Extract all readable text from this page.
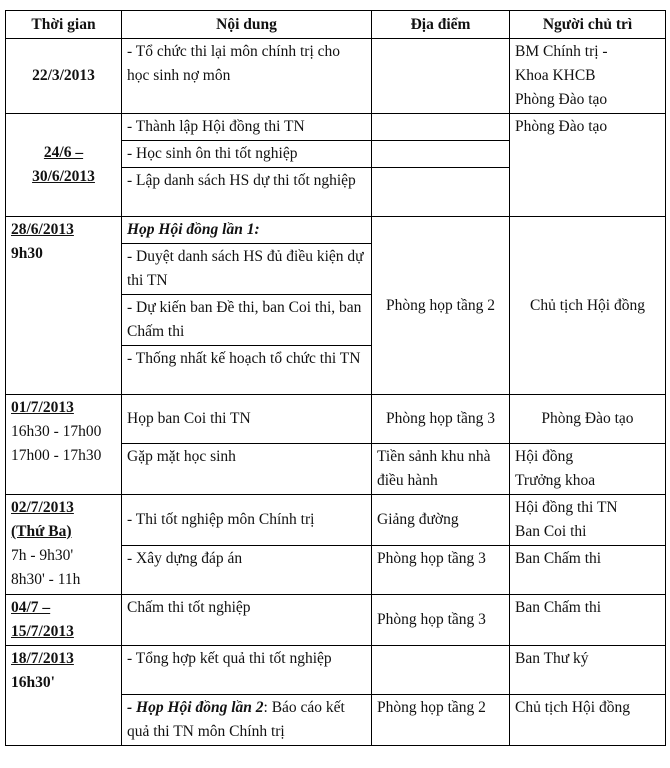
Thời gian	Nội dung	Địa điểm	Người chủ trì
22/3/2013	- Tổ chức thi lại môn chính trị cho học sinh nợ môn		BM Chính trị -
Khoa KHCB
Phòng Đào tạo

24/6 –
30/6/2013	- Thành lập Hội đồng thi TN		Phòng Đào tạo
	- Học sinh ôn thi tốt nghiệp		
	- Lập danh sách HS dự thi tốt nghiệp		

28/6/2013
9h30	Họp Hội đồng lần 1:	Phòng họp tầng 2	Chủ tịch Hội đồng
	- Duyệt danh sách HS đủ điều kiện dự thi TN		
	- Dự kiến ban Đề thi, ban Coi thi, ban Chấm thi		
	- Thống nhất kế hoạch tổ chức thi TN		

01/7/2013
16h30 - 17h00
17h00 - 17h30	Họp ban Coi thi TN	Phòng họp tầng 3	Phòng Đào tạo
	Gặp mặt học sinh	Tiền sảnh khu nhà điều hành	Hội đồng
Trưởng khoa

02/7/2013
(Thứ Ba)
7h - 9h30'
8h30' - 11h	- Thi tốt nghiệp môn Chính trị	Giảng đường	Hội đồng thi TN
Ban Coi thi

	- Xây dựng đáp án	Phòng họp tầng 3	Ban Chấm thi

04/7 –
15/7/2013	Chấm thi tốt nghiệp	Phòng họp tầng 3	Ban Chấm thi

18/7/2013
16h30'	- Tổng hợp kết quả thi tốt nghiệp		Ban Thư ký
	- Họp Hội đồng lần 2: Báo cáo kết quả thi TN môn Chính trị	Phòng họp tầng 2	Chủ tịch Hội đồng
